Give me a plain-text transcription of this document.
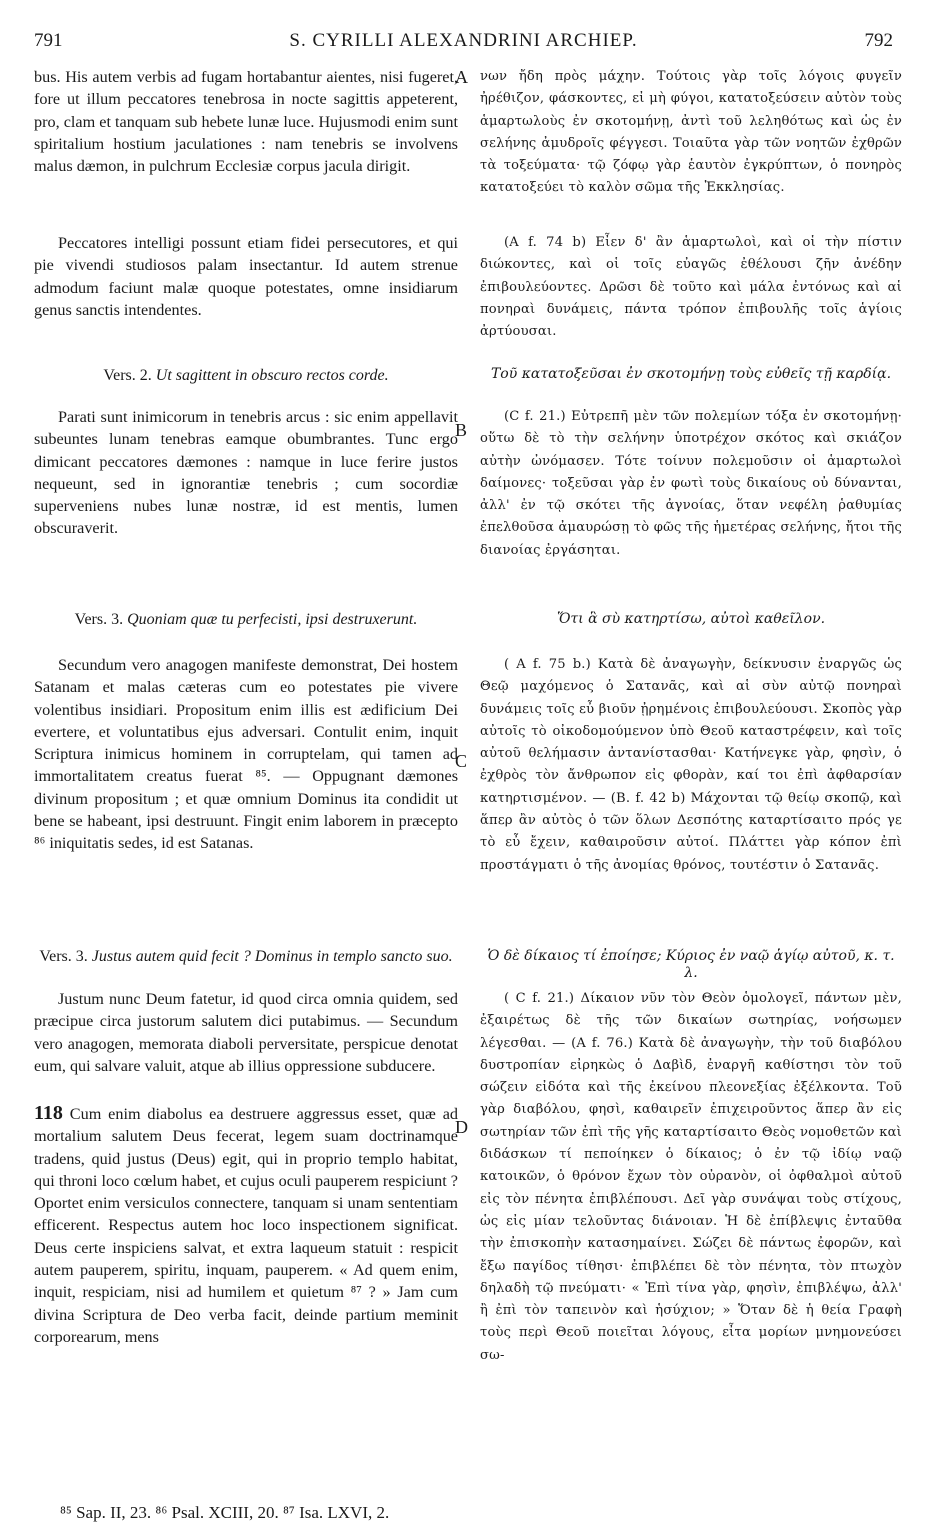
791	S. CYRILLI ALEXANDRINI ARCHIEP.	792

bus. His autem verbis ad fugam hortabantur aientes, nisi fugeret, fore ut illum peccatores tenebrosa in nocte sagittis appeterent, pro, clam et tanquam sub hebete lunæ luce. Hujusmodi enim sunt spiritalium hostium jaculationes : nam tenebris se involvens malus dæmon, in pulchrum Ecclesiæ corpus jacula dirigit.

Peccatores intelligi possunt etiam fidei persecutores, et qui pie vivendi studiosos palam insectantur. Id autem strenue admodum faciunt malæ quoque potestates, omne insidiarum genus sanctis intendentes.

Vers. 2. Ut sagittent in obscuro rectos corde.

Parati sunt inimicorum in tenebris arcus : sic enim appellavit subeuntes lunam tenebras eamque obumbrantes. Tunc ergo dimicant peccatores dæmones : namque in luce ferire justos nequeunt, sed in ignorantiæ tenebris ; cum socordiæ superveniens nubes lunæ nostræ, id est mentis, lumen obscuraverit.

Vers. 3. Quoniam quæ tu perfecisti, ipsi destruxerunt.

Secundum vero anagogen manifeste demonstrat, Dei hostem Satanam et malas cæteras cum eo potestates pie vivere volentibus insidiari. Propositum enim illis est ædificium Dei evertere, et voluntatibus ejus adversari. Contulit enim, inquit Scriptura inimicus hominem in corruptelam, qui tamen ad immortalitatem creatus fuerat ⁸⁵. — Oppugnant dæmones divinum propositum ; et quæ omnium Dominus ita condidit ut bene se habeant, ipsi destruunt. Fingit enim laborem in præcepto ⁸⁶ iniquitatis sedes, id est Satanas.

Vers. 3. Justus autem quid fecit ? Dominus in templo sancto suo.

Justum nunc Deum fatetur, id quod circa omnia quidem, sed præcipue circa justorum salutem dici putabimus. — Secundum vero anagogen, memorata diaboli perversitate, perspicue denotat eum, qui salvare valuit, atque ab illius oppressione subducere.

118 Cum enim diabolus ea destruere aggressus esset, quæ ad mortalium salutem Deus fecerat, legem suam doctrinamque tradens, quid justus (Deus) egit, qui in proprio templo habitat, qui throni loco cœlum habet, et cujus oculi pauperem respiciunt ? Oportet enim versiculos connectere, tanquam si unam sententiam efficerent. Respectus autem hoc loco inspectionem significat. Deus certe inspiciens salvat, et extra laqueum statuit : respicit autem pauperem, spiritu, inquam, pauperem. « Ad quem enim, inquit, respiciam, nisi ad humilem et quietum ⁸⁷ ? » Jam cum divina Scriptura de Deo verba facit, deinde partium meminit corporearum, mens

νων ἤδη πρὸς μάχην. Τούτοις γὰρ τοῖς λόγοις φυγεῖν ἠρέθιζον, φάσκοντες, εἰ μὴ φύγοι, κατατοξεύσειν αὐτὸν τοὺς ἁμαρτωλοὺς ἐν σκοτομήνῃ, ἀντὶ τοῦ λεληθότως καὶ ὡς ἐν σελήνης ἀμυδροῖς φέγγεσι. Τοιαῦτα γὰρ τῶν νοητῶν ἐχθρῶν τὰ τοξεύματα· τῷ ζόφῳ γὰρ ἑαυτὸν ἐγκρύπτων, ὁ πονηρὸς κατατοξεύει τὸ καλὸν σῶμα τῆς Ἐκκλησίας.

(A f. 74 b) Εἶεν δ' ἂν ἁμαρτωλοὶ, καὶ οἱ τὴν πίστιν διώκοντες, καὶ οἱ τοῖς εὐαγῶς ἐθέλουσι ζῆν ἀνέδην ἐπιβουλεύοντες. Δρῶσι δὲ τοῦτο καὶ μάλα ἐντόνως καὶ αἱ πονηραὶ δυνάμεις, πάντα τρόπον ἐπιβουλῆς τοῖς ἁγίοις ἀρτύουσαι.

Τοῦ κατατοξεῦσαι ἐν σκοτομήνῃ τοὺς εὐθεῖς τῇ καρδίᾳ.

(C f. 21.) Εὐτρεπῆ μὲν τῶν πολεμίων τόξα ἐν σκοτομήνῃ· οὕτω δὲ τὸ τὴν σελήνην ὑποτρέχον σκότος καὶ σκιάζον αὐτὴν ὠνόμασεν. Τότε τοίνυν πολεμοῦσιν οἱ ἁμαρτωλοὶ δαίμονες· τοξεῦσαι γὰρ ἐν φωτὶ τοὺς δικαίους οὐ δύνανται, ἀλλ' ἐν τῷ σκότει τῆς ἀγνοίας, ὅταν νεφέλη ῥαθυμίας ἐπελθοῦσα ἀμαυρώσῃ τὸ φῶς τῆς ἡμετέρας σελήνης, ἤτοι τῆς διανοίας ἐργάσηται.

Ὅτι ἃ σὺ κατηρτίσω, αὐτοὶ καθεῖλον.

( A f. 75 b.) Κατὰ δὲ ἀναγωγὴν, δείκνυσιν ἐναργῶς ὡς Θεῷ μαχόμενος ὁ Σατανᾶς, καὶ αἱ σὺν αὐτῷ πονηραὶ δυνάμεις τοῖς εὖ βιοῦν ᾐρημένοις ἐπιβουλεύουσι. Σκοπὸς γὰρ αὐτοῖς τὸ οἰκοδομούμενον ὑπὸ Θεοῦ καταστρέφειν, καὶ τοῖς αὐτοῦ θελήμασιν ἀντανίστασθαι· Κατήνεγκε γὰρ, φησὶν, ὁ ἐχθρὸς τὸν ἄνθρωπον εἰς φθορὰν, καί τοι ἐπὶ ἀφθαρσίαν κατηρτισμένον. — (B. f. 42 b) Μάχονται τῷ θείῳ σκοπῷ, καὶ ἅπερ ἂν αὐτὸς ὁ τῶν ὅλων Δεσπότης καταρτίσαιτο πρός γε τὸ εὖ ἔχειν, καθαιροῦσιν αὐτοί. Πλάττει γὰρ κόπον ἐπὶ προστάγματι ὁ τῆς ἀνομίας θρόνος, τουτέστιν ὁ Σατανᾶς.

Ὁ δὲ δίκαιος τί ἐποίησε; Κύριος ἐν ναῷ ἁγίῳ αὐτοῦ, κ. τ. λ.

( C f. 21.) Δίκαιον νῦν τὸν Θεὸν ὁμολογεῖ, πάντων μὲν, ἐξαιρέτως δὲ τῆς τῶν δικαίων σωτηρίας, νοήσωμεν λέγεσθαι. — (A f. 76.) Κατὰ δὲ ἀναγωγὴν, τὴν τοῦ διαβόλου δυστροπίαν εἰρηκὼς ὁ Δαβὶδ, ἐναργῆ καθίστησι τὸν τοῦ σώζειν εἰδότα καὶ τῆς ἐκείνου πλεονεξίας ἐξέλκοντα. Τοῦ γὰρ διαβόλου, φησὶ, καθαιρεῖν ἐπιχειροῦντος ἅπερ ἂν εἰς σωτηρίαν τῶν ἐπὶ τῆς γῆς καταρτίσαιτο Θεὸς νομοθετῶν καὶ διδάσκων τί πεποίηκεν ὁ δίκαιος; ὁ ἐν τῷ ἰδίῳ ναῷ κατοικῶν, ὁ θρόνον ἔχων τὸν οὐρανὸν, οἱ ὀφθαλμοὶ αὐτοῦ εἰς τὸν πένητα ἐπιβλέπουσι. Δεῖ γὰρ συνάψαι τοὺς στίχους, ὡς εἰς μίαν τελοῦντας διάνοιαν. Ἡ δὲ ἐπίβλεψις ἐνταῦθα τὴν ἐπισκοπὴν κατασημαίνει. Σώζει δὲ πάντως ἐφορῶν, καὶ ἔξω παγίδος τίθησι· ἐπιβλέπει δὲ τὸν πένητα, τὸν πτωχὸν δηλαδὴ τῷ πνεύματι· « Ἐπὶ τίνα γὰρ, φησὶν, ἐπιβλέψω, ἀλλ' ἢ ἐπὶ τὸν ταπεινὸν καὶ ἡσύχιον; » Ὅταν δὲ ἡ θεία Γραφὴ τοὺς περὶ Θεοῦ ποιεῖται λόγους, εἶτα μορίων μνημονεύσει σω-

A
B
C
D
⁸⁵ Sap. II, 23. ⁸⁶ Psal. XCIII, 20. ⁸⁷ Isa. LXVI, 2.
